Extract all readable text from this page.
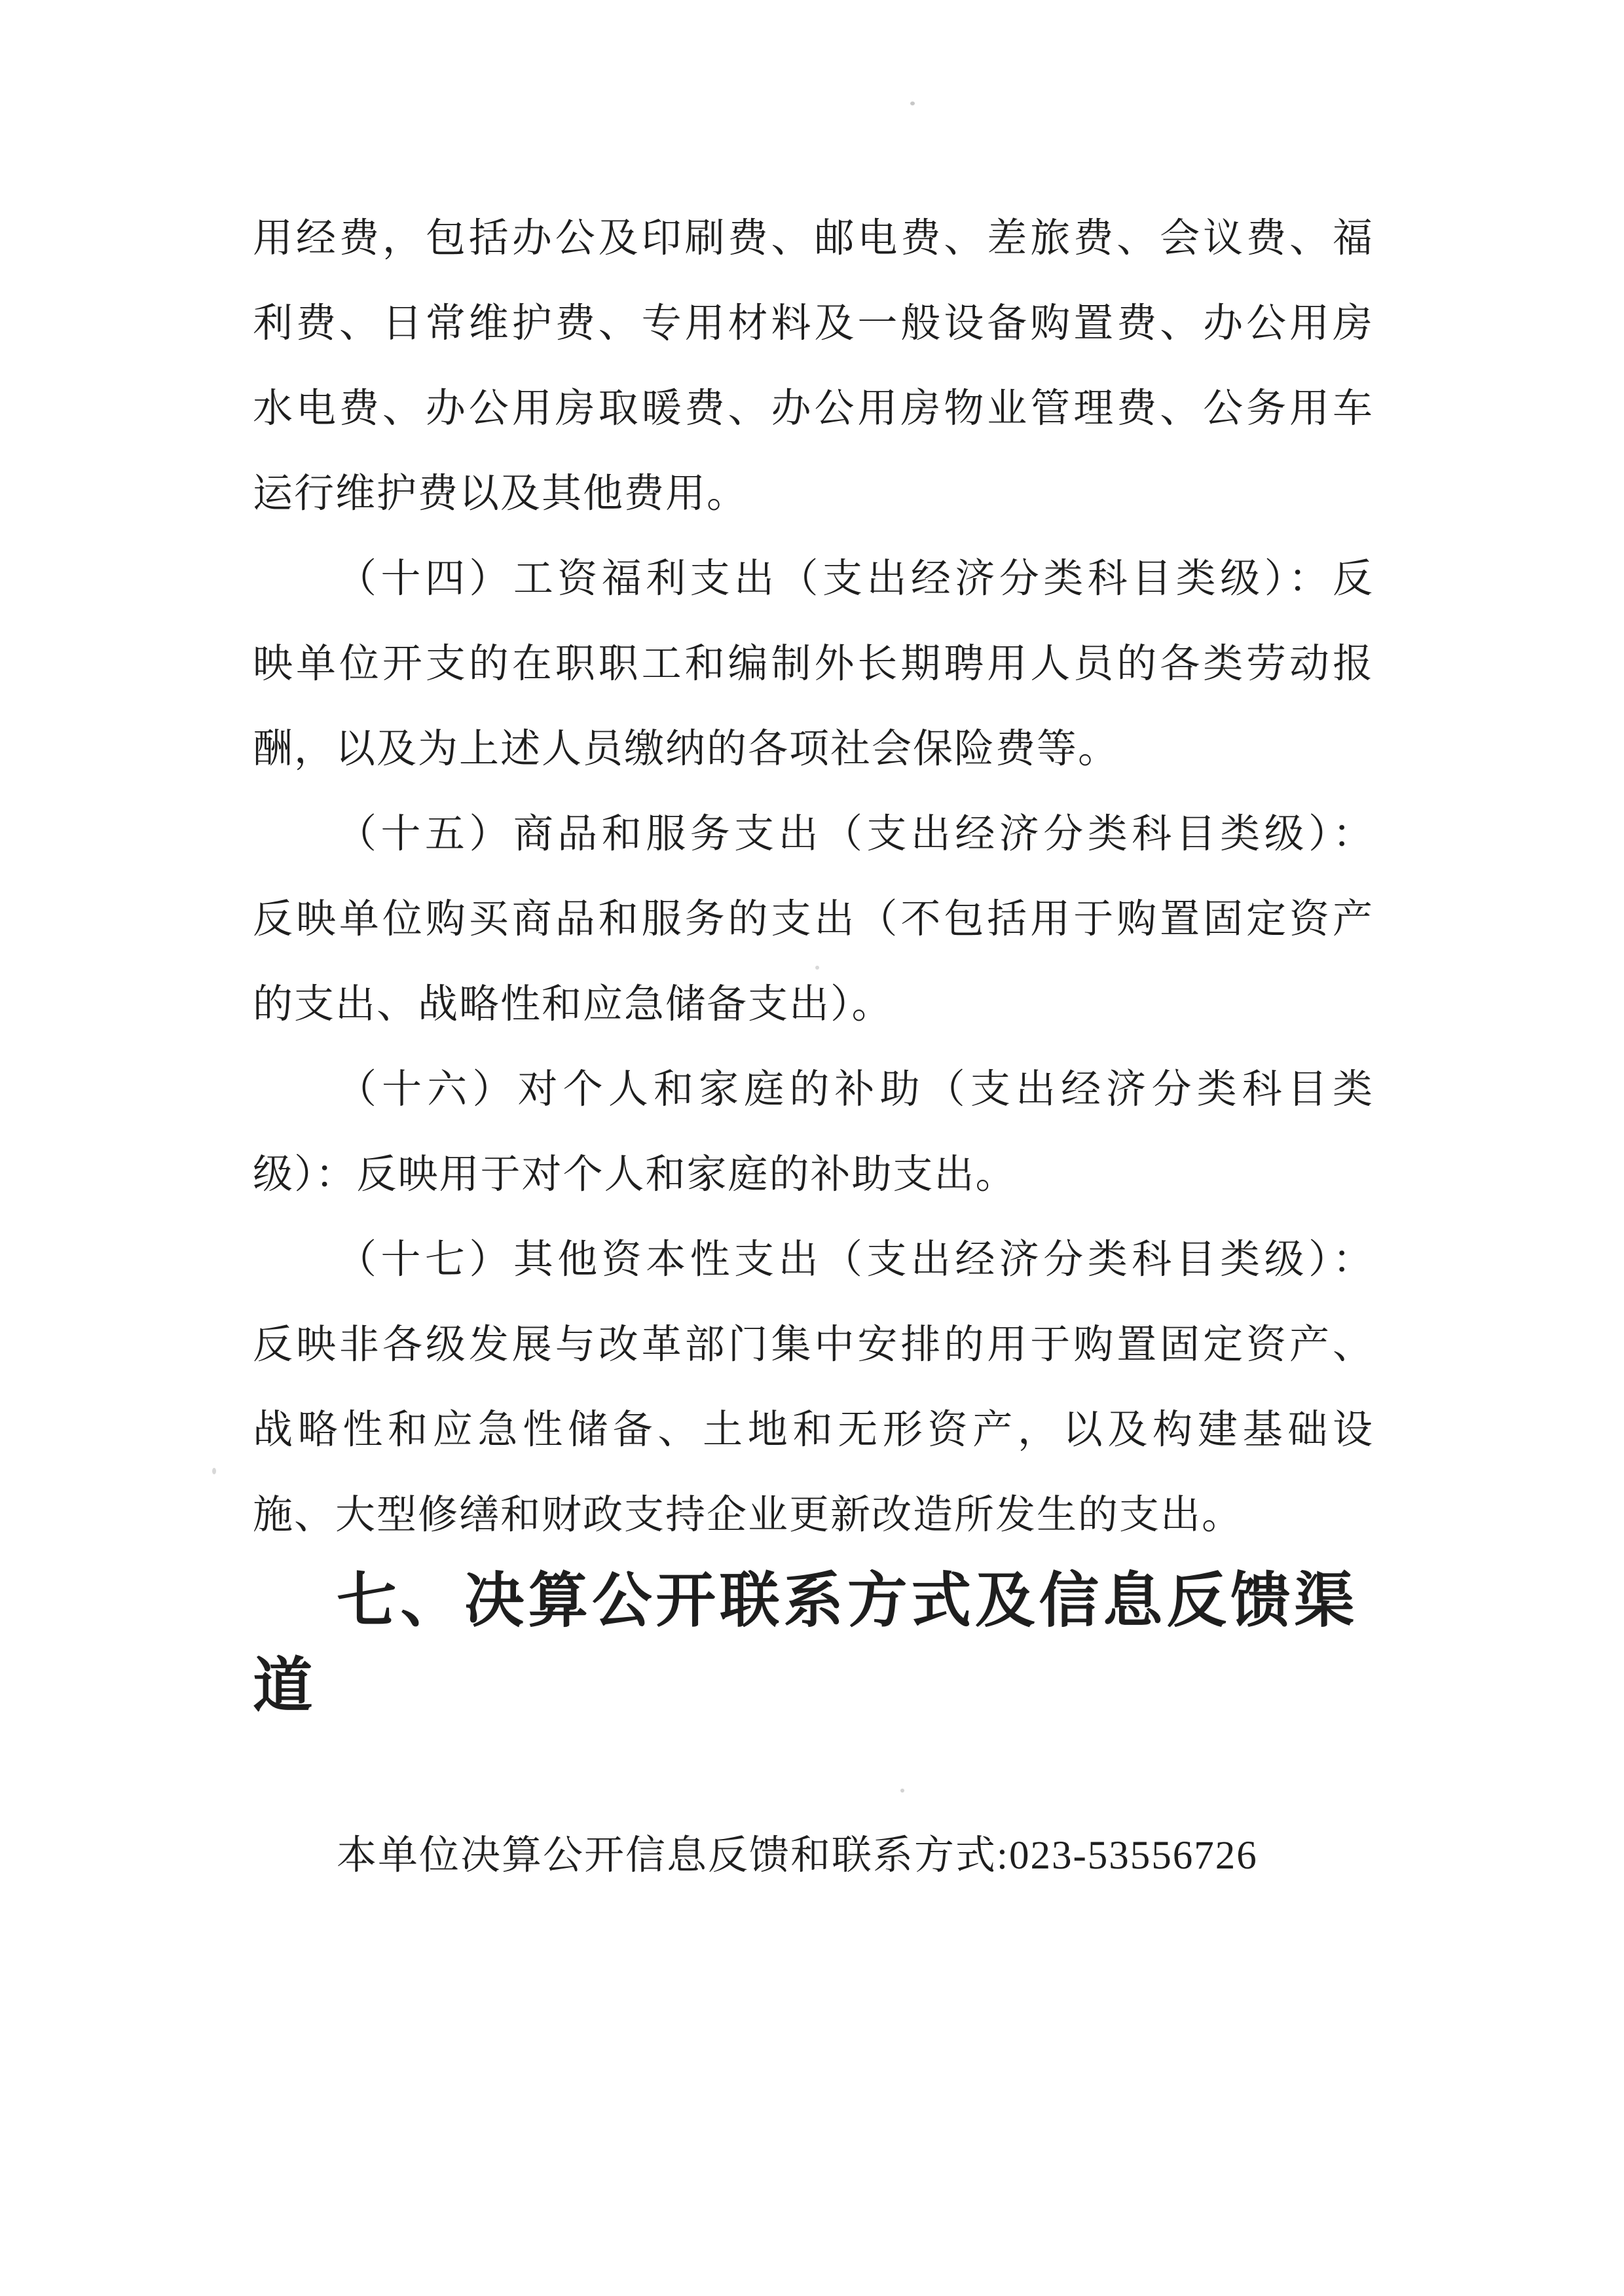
用经费，包括办公及印刷费、邮电费、差旅费、会议费、福
利费、日常维护费、专用材料及一般设备购置费、办公用房
水电费、办公用房取暖费、办公用房物业管理费、公务用车
运行维护费以及其他费用。
（十四）工资福利支出（支出经济分类科目类级）：反
映单位开支的在职职工和编制外长期聘用人员的各类劳动报
酬，以及为上述人员缴纳的各项社会保险费等。
（十五）商品和服务支出（支出经济分类科目类级）：
反映单位购买商品和服务的支出（不包括用于购置固定资产
的支出、战略性和应急储备支出）。
（十六）对个人和家庭的补助（支出经济分类科目类
级）：反映用于对个人和家庭的补助支出。
（十七）其他资本性支出（支出经济分类科目类级）：
反映非各级发展与改革部门集中安排的用于购置固定资产、
战略性和应急性储备、土地和无形资产，以及构建基础设
施、大型修缮和财政支持企业更新改造所发生的支出。
七、决算公开联系方式及信息反馈渠道
本单位决算公开信息反馈和联系方式:023-53556726
